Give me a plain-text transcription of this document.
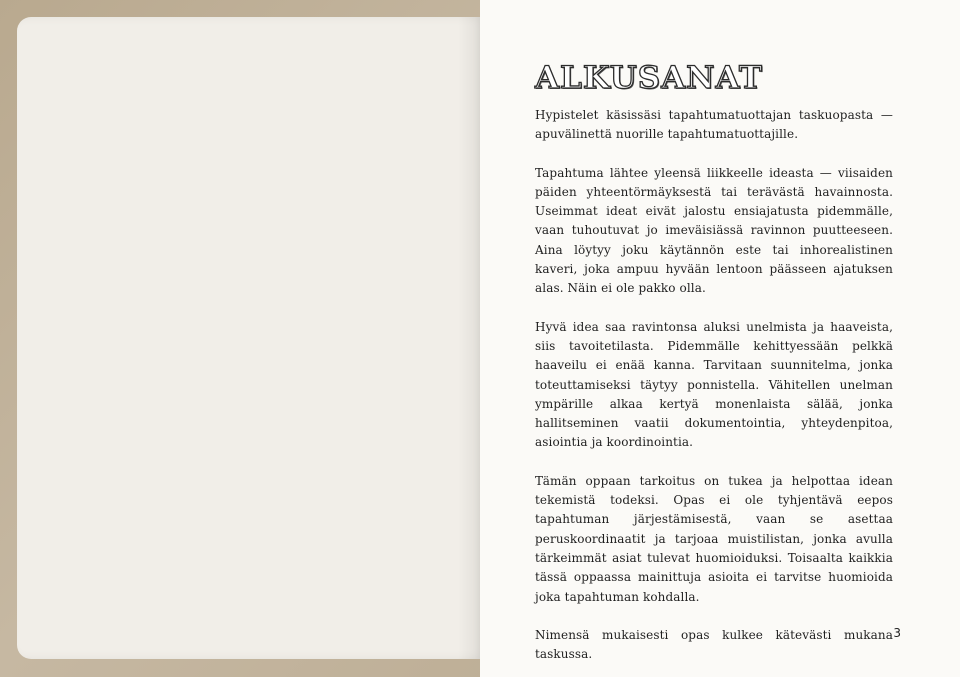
ALKUSANAT

Hypistelet käsissäsi tapahtumatuottajan taskuopasta — apuvälinettä nuorille tapahtumatuottajille.

Tapahtuma lähtee yleensä liikkeelle ideasta — viisaiden päiden yhteentörmäyksestä tai terävästä havainnosta. Useimmat ideat eivät jalostu ensiajatusta pidemmälle, vaan tuhoutuvat jo imeväisiässä ravinnon puutteeseen. Aina löytyy joku käytännön este tai inhorealistinen kaveri, joka ampuu hyvään lentoon päässeen ajatuksen alas. Näin ei ole pakko olla.

Hyvä idea saa ravintonsa aluksi unelmista ja haaveista, siis tavoitetilasta. Pidemmälle kehittyessään pelkkä haaveilu ei enää kanna. Tarvitaan suunnitelma, jonka toteuttamiseksi täytyy ponnistella. Vähitellen unelman ympärille alkaa kertyä monenlaista sälää, jonka hallitseminen vaatii dokumentointia, yhteydenpitoa, asiointia ja koordinointia.

Tämän oppaan tarkoitus on tukea ja helpottaa idean tekemistä todeksi. Opas ei ole tyhjentävä eepos tapahtuman järjestämisestä, vaan se asettaa peruskoordinaatit ja tarjoaa muistilistan, jonka avulla tärkeimmät asiat tulevat huomioiduksi. Toisaalta kaikkia tässä oppaassa mainittuja asioita ei tarvitse huomioida joka tapahtuman kohdalla.

Nimensä mukaisesti opas kulkee kätevästi mukana taskussa.

3
